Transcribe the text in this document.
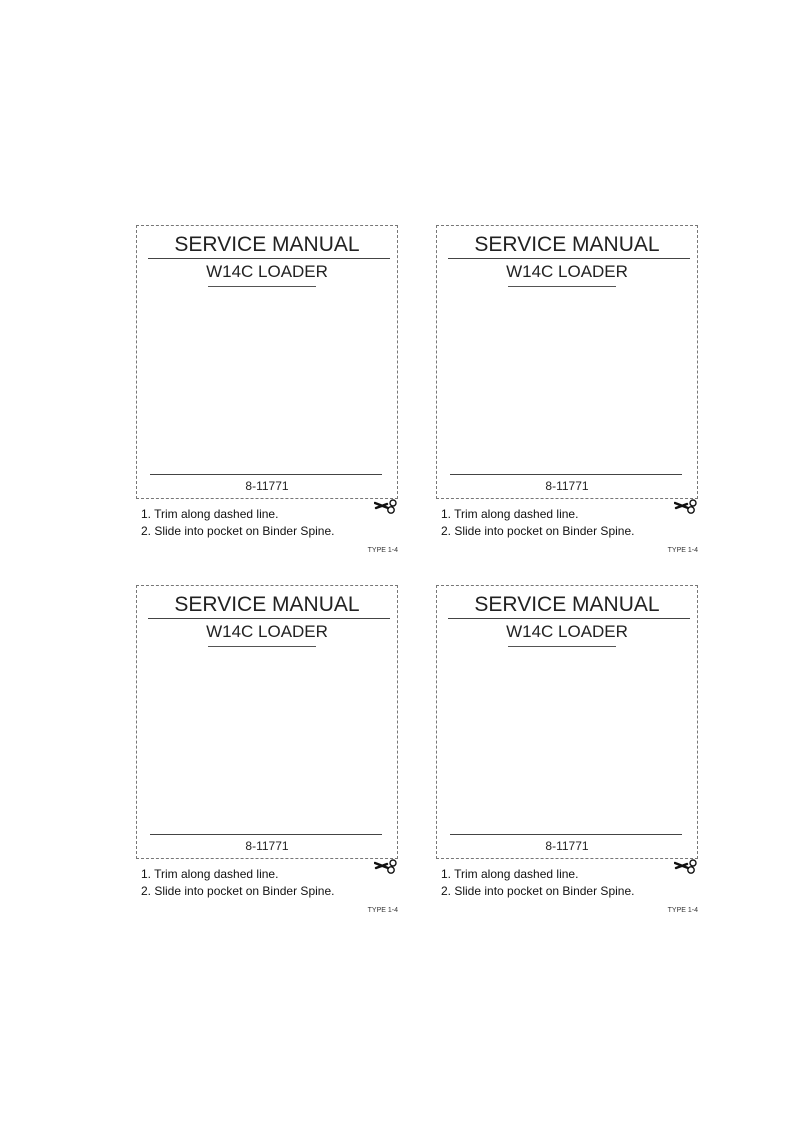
SERVICE MANUAL
W14C LOADER
8-11771
1. Trim along dashed line.
2. Slide into pocket on Binder Spine.
TYPE 1-4
SERVICE MANUAL
W14C LOADER
8-11771
1. Trim along dashed line.
2. Slide into pocket on Binder Spine.
TYPE 1-4
SERVICE MANUAL
W14C LOADER
8-11771
1. Trim along dashed line.
2. Slide into pocket on Binder Spine.
TYPE 1-4
SERVICE MANUAL
W14C LOADER
8-11771
1. Trim along dashed line.
2. Slide into pocket on Binder Spine.
TYPE 1-4
